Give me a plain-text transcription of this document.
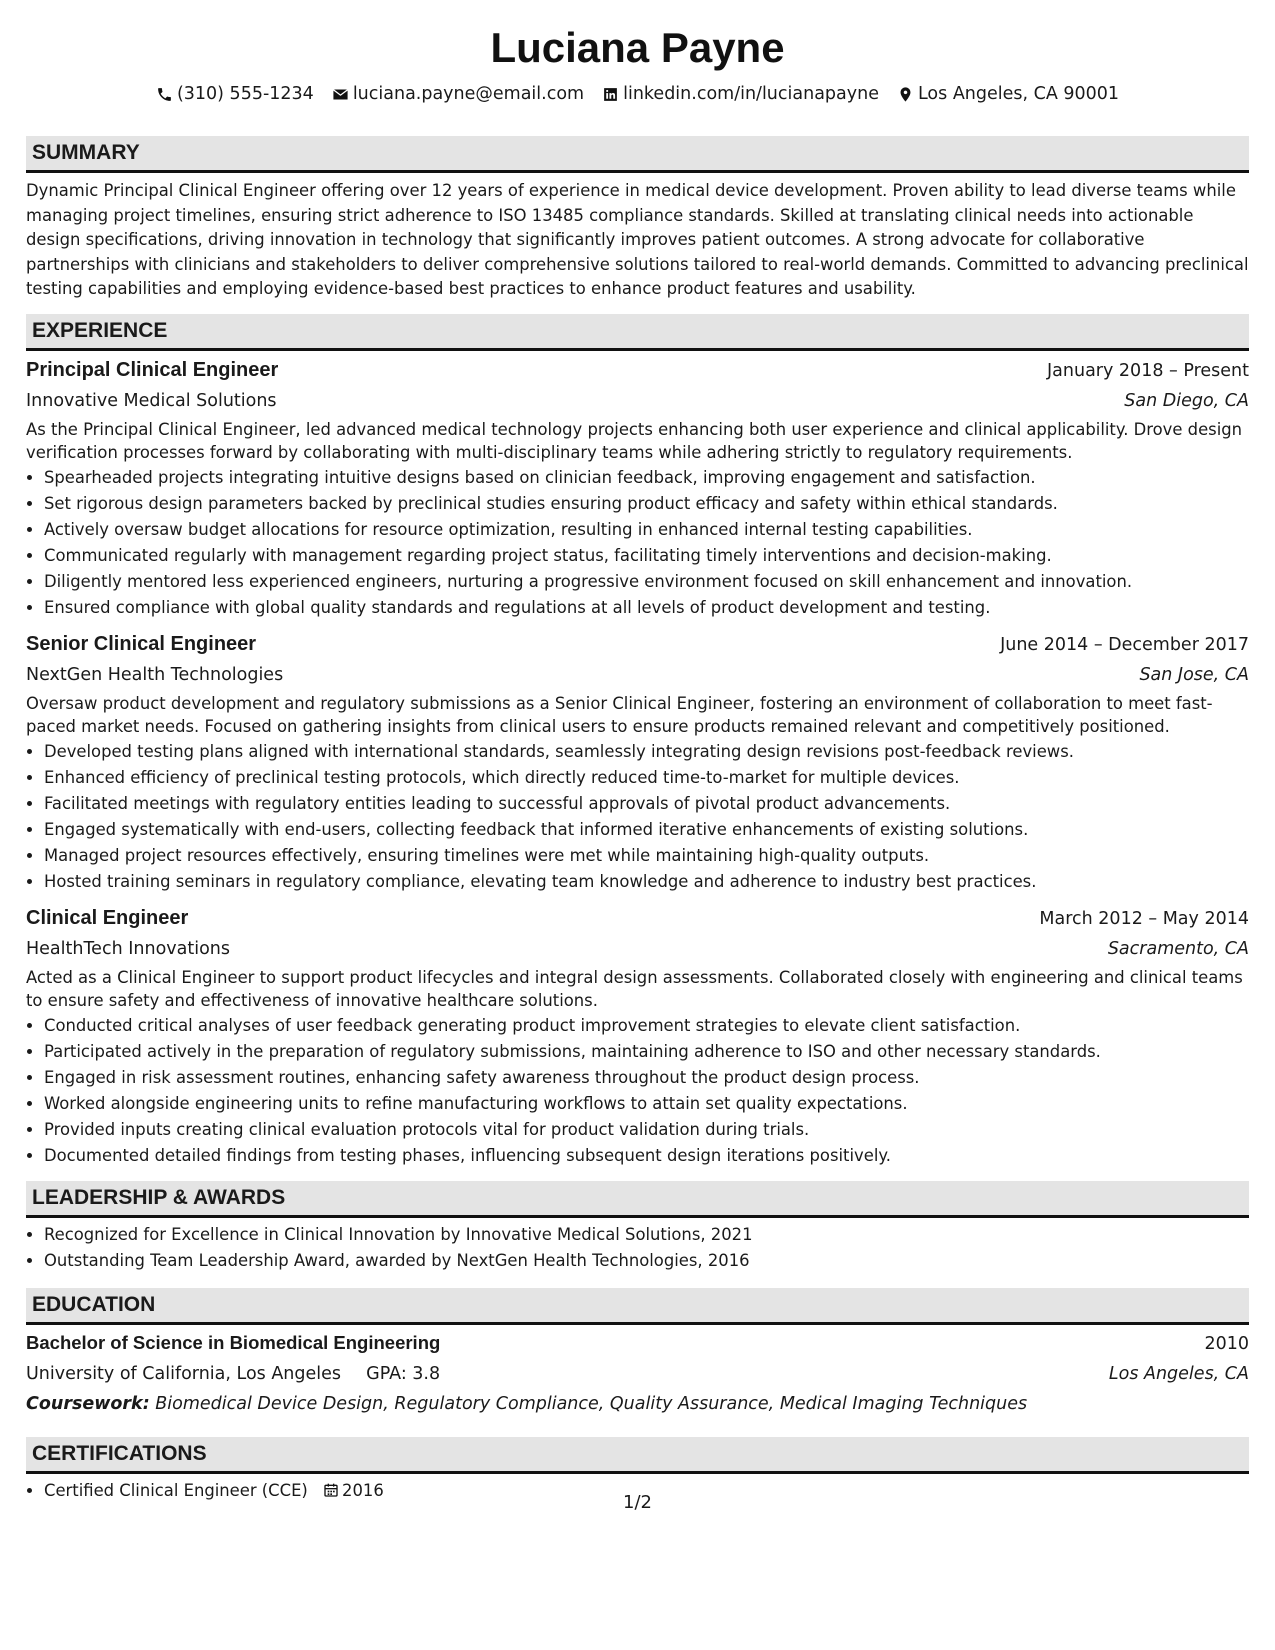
Luciana Payne
(310) 555-1234 luciana.payne@email.com linkedin.com/in/lucianapayne Los Angeles, CA 90001
SUMMARY

Dynamic Principal Clinical Engineer offering over 12 years of experience in medical device development. Proven ability to lead diverse teams while managing project timelines, ensuring strict adherence to ISO 13485 compliance standards. Skilled at translating clinical needs into actionable design specifications, driving innovation in technology that significantly improves patient outcomes. A strong advocate for collaborative partnerships with clinicians and stakeholders to deliver comprehensive solutions tailored to real-world demands. Committed to advancing preclinical testing capabilities and employing evidence-based best practices to enhance product features and usability.

EXPERIENCE
Principal Clinical Engineer	January 2018 – Present
Innovative Medical Solutions	San Diego, CA

As the Principal Clinical Engineer, led advanced medical technology projects enhancing both user experience and clinical applicability. Drove design verification processes forward by collaborating with multi-disciplinary teams while adhering strictly to regulatory requirements.

• Spearheaded projects integrating intuitive designs based on clinician feedback, improving engagement and satisfaction.
• Set rigorous design parameters backed by preclinical studies ensuring product efficacy and safety within ethical standards.
• Actively oversaw budget allocations for resource optimization, resulting in enhanced internal testing capabilities.
• Communicated regularly with management regarding project status, facilitating timely interventions and decision-making.
• Diligently mentored less experienced engineers, nurturing a progressive environment focused on skill enhancement and innovation.
• Ensured compliance with global quality standards and regulations at all levels of product development and testing.
Senior Clinical Engineer	June 2014 – December 2017
NextGen Health Technologies	San Jose, CA

Oversaw product development and regulatory submissions as a Senior Clinical Engineer, fostering an environment of collaboration to meet fast-paced market needs. Focused on gathering insights from clinical users to ensure products remained relevant and competitively positioned.

• Developed testing plans aligned with international standards, seamlessly integrating design revisions post-feedback reviews.
• Enhanced efficiency of preclinical testing protocols, which directly reduced time-to-market for multiple devices.
• Facilitated meetings with regulatory entities leading to successful approvals of pivotal product advancements.
• Engaged systematically with end-users, collecting feedback that informed iterative enhancements of existing solutions.
• Managed project resources effectively, ensuring timelines were met while maintaining high-quality outputs.
• Hosted training seminars in regulatory compliance, elevating team knowledge and adherence to industry best practices.
Clinical Engineer	March 2012 – May 2014
HealthTech Innovations	Sacramento, CA

Acted as a Clinical Engineer to support product lifecycles and integral design assessments. Collaborated closely with engineering and clinical teams to ensure safety and effectiveness of innovative healthcare solutions.

• Conducted critical analyses of user feedback generating product improvement strategies to elevate client satisfaction.
• Participated actively in the preparation of regulatory submissions, maintaining adherence to ISO and other necessary standards.
• Engaged in risk assessment routines, enhancing safety awareness throughout the product design process.
• Worked alongside engineering units to refine manufacturing workflows to attain set quality expectations.
• Provided inputs creating clinical evaluation protocols vital for product validation during trials.
• Documented detailed findings from testing phases, influencing subsequent design iterations positively.
LEADERSHIP & AWARDS
• Recognized for Excellence in Clinical Innovation by Innovative Medical Solutions, 2021
• Outstanding Team Leadership Award, awarded by NextGen Health Technologies, 2016
EDUCATION
Bachelor of Science in Biomedical Engineering	2010
University of California, Los Angeles GPA: 3.8	Los Angeles, CA
Coursework: Biomedical Device Design, Regulatory Compliance, Quality Assurance, Medical Imaging Techniques
CERTIFICATIONS
• Certified Clinical Engineer (CCE) 2016
1/2
